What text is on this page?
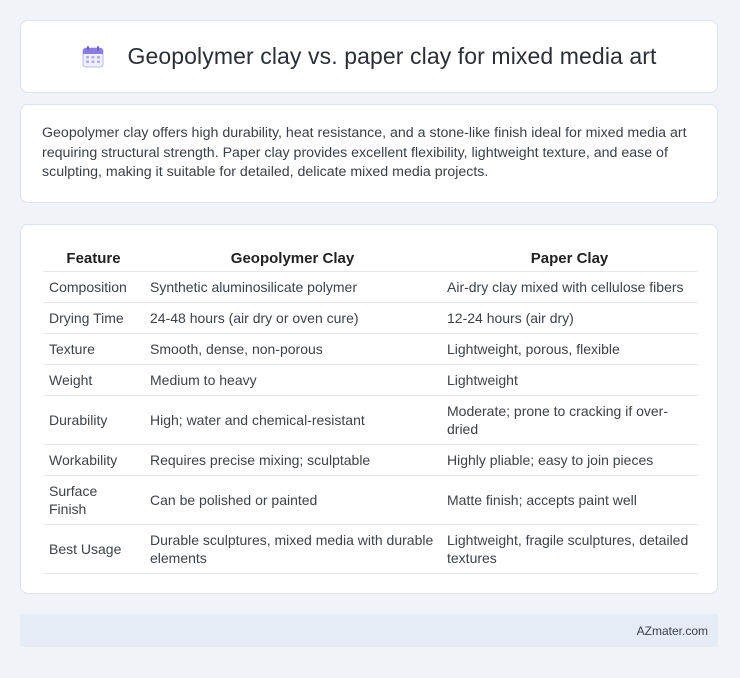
Geopolymer clay vs. paper clay for mixed media art

Geopolymer clay offers high durability, heat resistance, and a stone-like finish ideal for mixed media art requiring structural strength. Paper clay provides excellent flexibility, lightweight texture, and ease of sculpting, making it suitable for detailed, delicate mixed media projects.

Feature	Geopolymer Clay	Paper Clay
Composition	Synthetic aluminosilicate polymer	Air-dry clay mixed with cellulose fibers
Drying Time	24-48 hours (air dry or oven cure)	12-24 hours (air dry)
Texture	Smooth, dense, non-porous	Lightweight, porous, flexible
Weight	Medium to heavy	Lightweight
Durability	High; water and chemical-resistant	Moderate; prone to cracking if over-dried
Workability	Requires precise mixing; sculptable	Highly pliable; easy to join pieces
Surface Finish	Can be polished or painted	Matte finish; accepts paint well
Best Usage	Durable sculptures, mixed media with durable elements	Lightweight, fragile sculptures, detailed textures
AZmater.com
